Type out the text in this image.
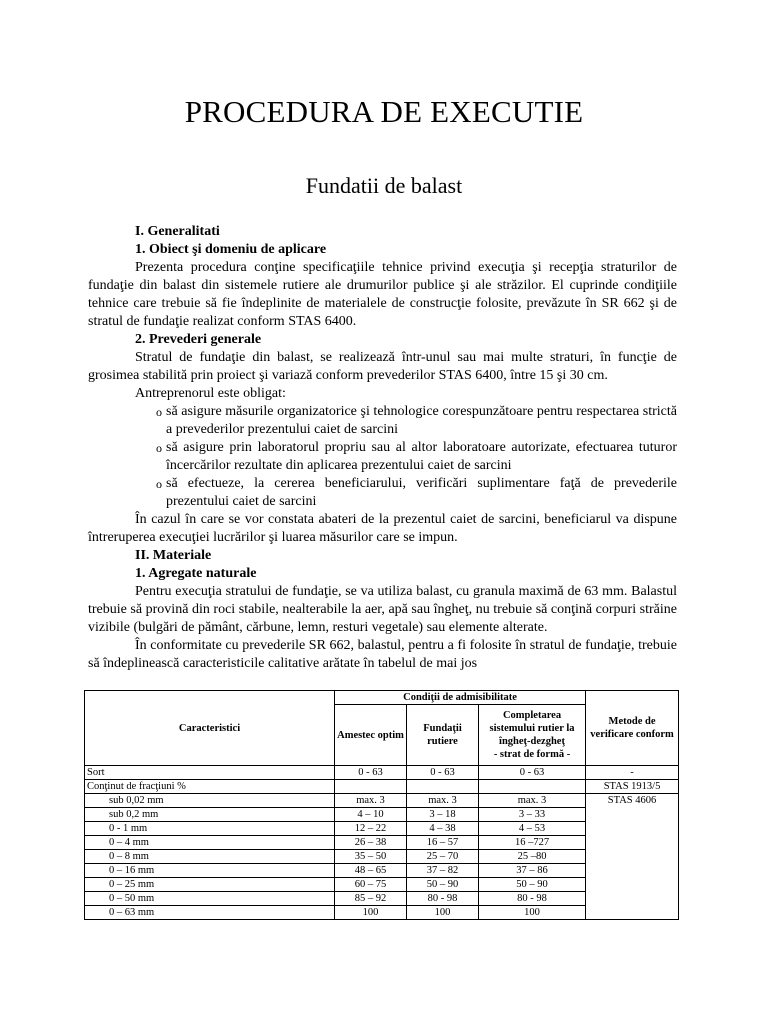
PROCEDURA DE EXECUTIE
Fundatii de balast

I. Generalitati

1. Obiect şi domeniu de aplicare

Prezenta procedura conţine specificaţiile tehnice privind execuţia şi recepţia straturilor de fundaţie din balast din sistemele rutiere ale drumurilor publice şi ale străzilor. El cuprinde condiţiile tehnice care trebuie să fie îndeplinite de materialele de construcţie folosite, prevăzute în SR 662 şi de stratul de fundaţie realizat conform STAS 6400.

2. Prevederi generale

Stratul de fundaţie din balast, se realizează într-unul sau mai multe straturi, în funcţie de grosimea stabilită prin proiect şi variază conform prevederilor STAS 6400, între 15 şi 30 cm.

Antreprenorul este obligat:

o să asigure măsurile organizatorice şi tehnologice corespunzătoare pentru respectarea strictă a prevederilor prezentului caiet de sarcini
o să asigure prin laboratorul propriu sau al altor laboratoare autorizate, efectuarea tuturor încercărilor rezultate din aplicarea prezentului caiet de sarcini
o să efectueze, la cererea beneficiarului, verificări suplimentare faţă de prevederile prezentului caiet de sarcini

În cazul în care se vor constata abateri de la prezentul caiet de sarcini, beneficiarul va dispune întreruperea execuţiei lucrărilor şi luarea măsurilor care se impun.

II. Materiale

1. Agregate naturale

Pentru execuţia stratului de fundaţie, se va utiliza balast, cu granula maximă de 63 mm. Balastul trebuie să provină din roci stabile, nealterabile la aer, apă sau îngheţ, nu trebuie să conţină corpuri străine vizibile (bulgări de pământ, cărbune, lemn, resturi vegetale) sau elemente alterate.

În conformitate cu prevederile SR 662, balastul, pentru a fi folosite în stratul de fundaţie, trebuie să îndeplinească caracteristicile calitative arătate în tabelul de mai jos

Caracteristici	Condiţii de admisibilitate			Metode de verificare conform
	Amestec optim	Fundaţii rutiere	Completarea sistemului rutier la îngheţ-dezgheţ
- strat de formă -	

Sort	0 - 63	0 - 63	0 - 63	-
Conţinut de fracţiuni %				STAS 1913/5
sub 0,02 mm	max. 3	max. 3	max. 3	STAS 4606
sub 0,2 mm	4 – 10	3 – 18	3 – 33	
0 - 1 mm	12 – 22	4 – 38	4 – 53	
0 – 4 mm	26 – 38	16 – 57	16 –727	
0 – 8 mm	35 – 50	25 – 70	25 –80	
0 – 16 mm	48 – 65	37 – 82	37 – 86	
0 – 25 mm	60 – 75	50 – 90	50 – 90	
0 – 50 mm	85 – 92	80 - 98	80 - 98	
0 – 63 mm	100	100	100	
